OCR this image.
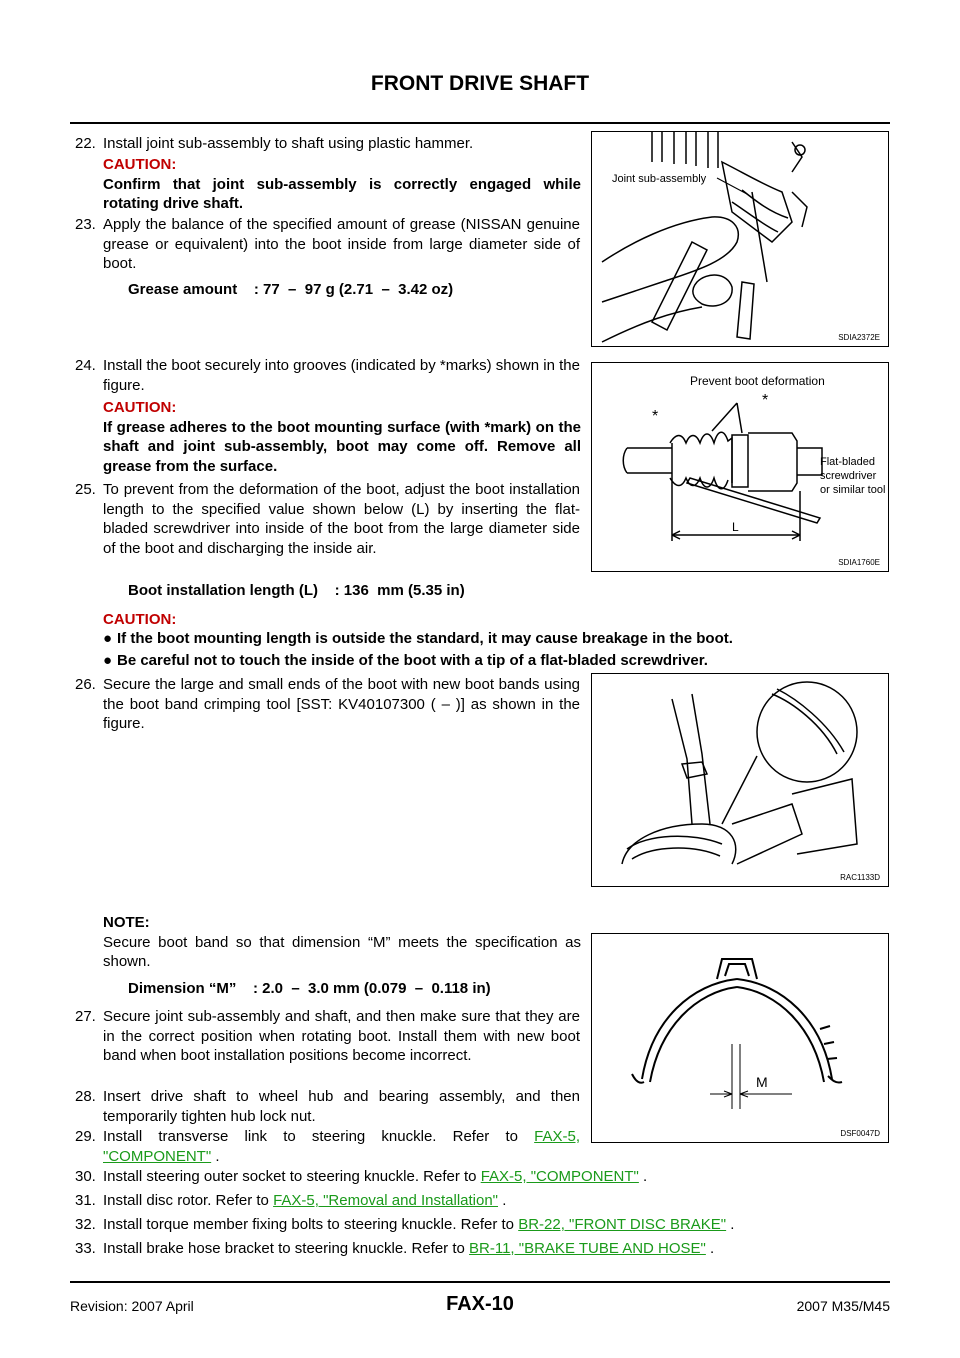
FRONT DRIVE SHAFT
22. Install joint sub-assembly to shaft using plastic hammer.
CAUTION:
Confirm that joint sub-assembly is correctly engaged while rotating drive shaft.
23. Apply the balance of the specified amount of grease (NISSAN genuine grease or equivalent) into the boot inside from large diameter side of boot.
Grease amount    : 77  –  97 g (2.71  –  3.42 oz)
24. Install the boot securely into grooves (indicated by *marks) shown in the figure.
CAUTION:
If grease adheres to the boot mounting surface (with *mark) on the shaft and joint sub-assembly, boot may come off. Remove all grease from the surface.
25. To prevent from the deformation of the boot, adjust the boot installation length to the specified value shown below (L) by inserting the flat-bladed screwdriver into inside of the boot from the large diameter side of the boot and discharging the inside air.
Boot installation length (L)    : 136  mm (5.35 in)
CAUTION:
● If the boot mounting length is outside the standard, it may cause breakage in the boot.
● Be careful not to touch the inside of the boot with a tip of a flat-bladed screwdriver.
26. Secure the large and small ends of the boot with new boot bands using the boot band crimping tool [SST: KV40107300 ( – )] as shown in the figure.
NOTE:
Secure boot band so that dimension “M” meets the specification as shown.
Dimension “M”    : 2.0  –  3.0 mm (0.079  –  0.118 in)
27. Secure joint sub-assembly and shaft, and then make sure that they are in the correct position when rotating boot. Install them with new boot band when boot installation positions become incorrect.
28. Insert drive shaft to wheel hub and bearing assembly, and then temporarily tighten hub lock nut.
29. Install transverse link to steering knuckle. Refer to FAX-5, "COMPONENT" .
30. Install steering outer socket to steering knuckle. Refer to FAX-5, "COMPONENT" .
31. Install disc rotor. Refer to FAX-5, "Removal and Installation" .
32. Install torque member fixing bolts to steering knuckle. Refer to BR-22, "FRONT DISC BRAKE" .
33. Install brake hose bracket to steering knuckle. Refer to BR-11, "BRAKE TUBE AND HOSE" .
Joint sub-assembly
SDIA2372E
Prevent boot deformation
*
*
L
Flat-bladed screwdriver or similar tool
SDIA1760E
RAC1133D
M
DSF0047D
Revision: 2007 April	FAX-10	2007 M35/M45
